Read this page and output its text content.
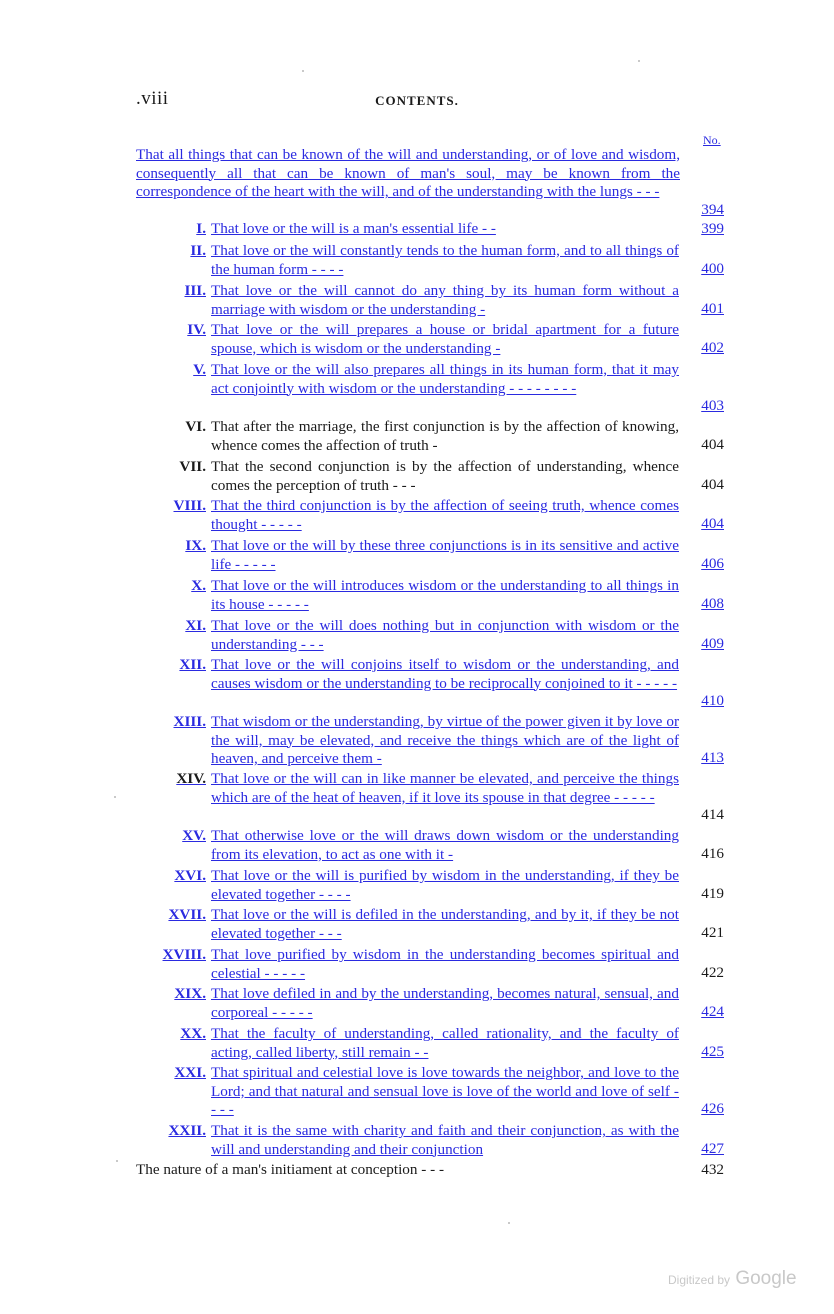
.viii	CONTENTS.
No.
That all things that can be known of the will and understanding, or of love and wisdom, consequently all that can be known of man's soul, may be known from the correspondence of the heart with the will, and of the understanding with the lungs - - -
394
I. That love or the will is a man's essential life - -	399
II. That love or the will constantly tends to the human form, and to all things of the human form - - - -	400
III. That love or the will cannot do any thing by its human form without a marriage with wisdom or the understanding -	401
IV. That love or the will prepares a house or bridal apartment for a future spouse, which is wisdom or the understanding -	402
V. That love or the will also prepares all things in its human form, that it may act conjointly with wisdom or the understanding - - - - - - - -
403
VI. That after the marriage, the first conjunction is by the affection of knowing, whence comes the affection of truth -	404
VII. That the second conjunction is by the affection of understanding, whence comes the perception of truth - - -	404
VIII. That the third conjunction is by the affection of seeing truth, whence comes thought - - - - -	404
IX. That love or the will by these three conjunctions is in its sensitive and active life - - - - -	406
X. That love or the will introduces wisdom or the understanding to all things in its house - - - - -	408
XI. That love or the will does nothing but in conjunction with wisdom or the understanding - - -	409
XII. That love or the will conjoins itself to wisdom or the understanding, and causes wisdom or the understanding to be reciprocally conjoined to it - - - - -
410
XIII. That wisdom or the understanding, by virtue of the power given it by love or the will, may be elevated, and receive the things which are of the light of heaven, and perceive them -	413
XIV. That love or the will can in like manner be elevated, and perceive the things which are of the heat of heaven, if it love its spouse in that degree - - - - -
414
XV. That otherwise love or the will draws down wisdom or the understanding from its elevation, to act as one with it -	416
XVI. That love or the will is purified by wisdom in the understanding, if they be elevated together - - - -	419
XVII. That love or the will is defiled in the understanding, and by it, if they be not elevated together - - -	421
XVIII. That love purified by wisdom in the understanding becomes spiritual and celestial - - - - -	422
XIX. That love defiled in and by the understanding, becomes natural, sensual, and corporeal - - - - -	424
XX. That the faculty of understanding, called rationality, and the faculty of acting, called liberty, still remain - -	425
XXI. That spiritual and celestial love is love towards the neighbor, and love to the Lord; and that natural and sensual love is love of the world and love of self - - - -	426
XXII. That it is the same with charity and faith and their conjunction, as with the will and understanding and their conjunction	427
The nature of a man's initiament at conception - - -	432
Digitized by Google
